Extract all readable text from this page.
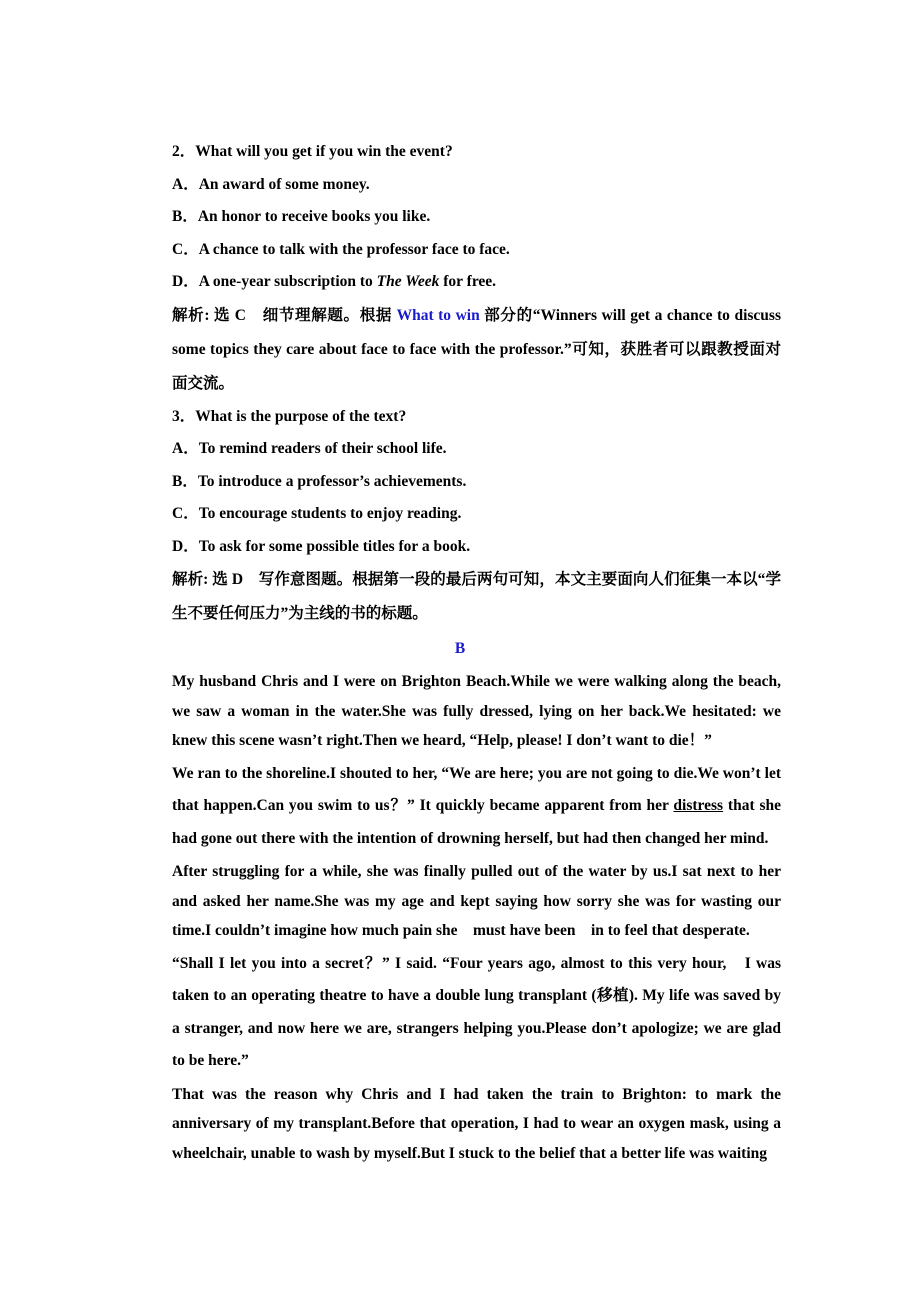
2．What will you get if you win the event?

A．An award of some money.

B．An honor to receive books you like.

C．A chance to talk with the professor face to face.

D．A one-year subscription to The Week for free.

解析: 选 C　细节理解题。根据 What to win 部分的“Winners will get a chance to discuss some topics they care about face to face with the professor.”可知，获胜者可以跟教授面对面交流。

3．What is the purpose of the text?

A．To remind readers of their school life.

B．To introduce a professor’s achievements.

C．To encourage students to enjoy reading.

D．To ask for some possible titles for a book.

解析: 选 D　写作意图题。根据第一段的最后两句可知，本文主要面向人们征集一本以“学生不要任何压力”为主线的书的标题。

B

My husband Chris and I were on Brighton Beach.While we were walking along the beach, we saw a woman in the water.She was fully dressed, lying on her back.We hesitated: we knew this scene wasn’t right.Then we heard, “Help, please! I don’t want to die！”

We ran to the shoreline.I shouted to her, “We are here; you are not going to die.We won’t let that happen.Can you swim to us？” It quickly became apparent from her distress that she had gone out there with the intention of drowning herself, but had then changed her mind.

After struggling for a while, she was finally pulled out of the water by us.I sat next to her and asked her name.She was my age and kept saying how sorry she was for wasting our time.I couldn’t imagine how much pain she　must have been　in to feel that desperate.

“Shall I let you into a secret？” I said. “Four years ago, almost to this very hour,　I was taken to an operating theatre to have a double lung transplant (移植). My life was saved by a stranger, and now here we are, strangers helping you.Please don’t apologize; we are glad to be here.”

That was the reason why Chris and I had taken the train to Brighton: to mark the anniversary of my transplant.Before that operation, I had to wear an oxygen mask, using a wheelchair, unable to wash by myself.But I stuck to the belief that a better life was waiting
